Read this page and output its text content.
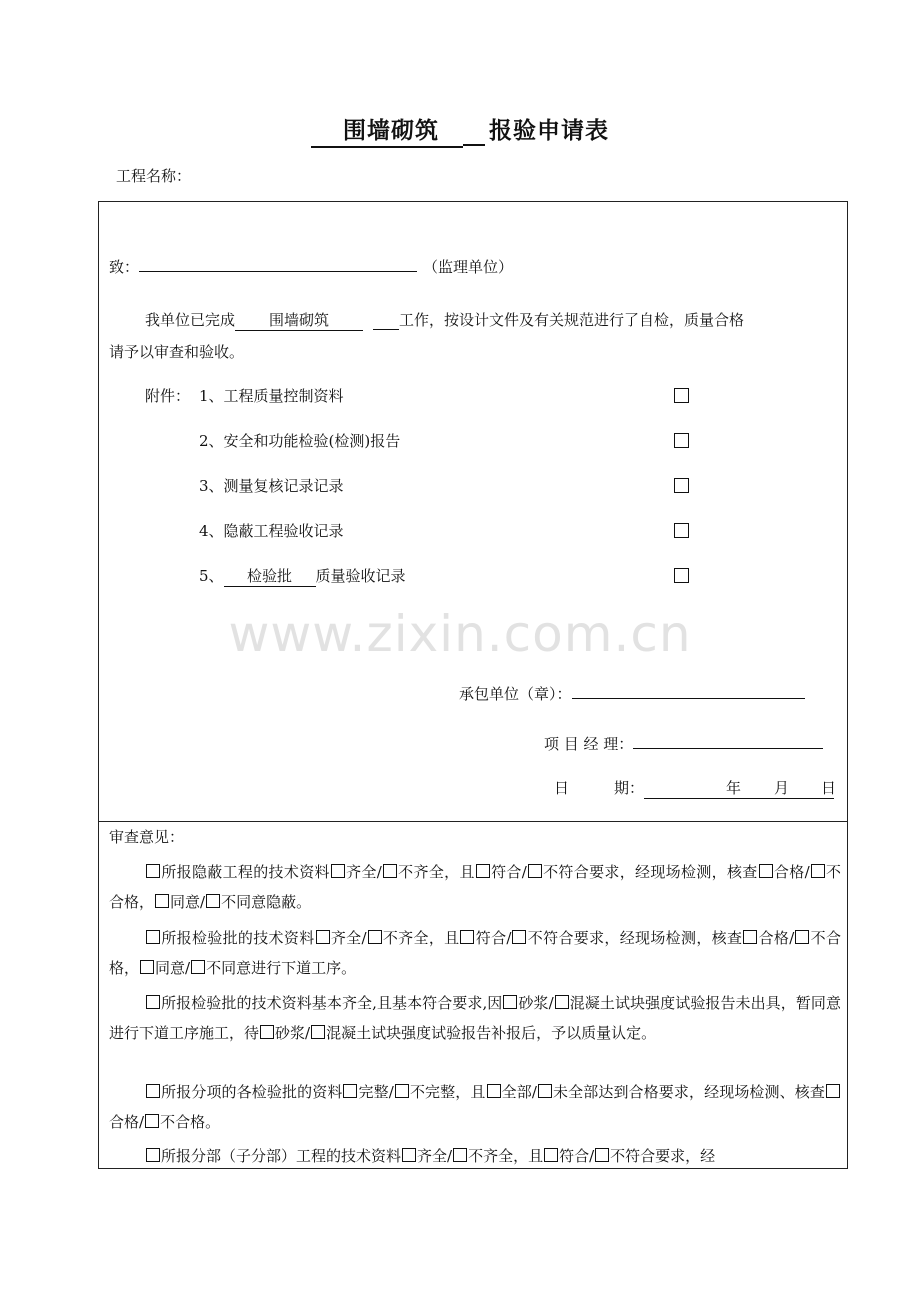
围墙砌筑 报验申请表
工程名称：
致：	（监理单位）
我单位已完成 围墙砌筑	工作，按设计文件及有关规范进行了自检，质量合格
请予以审查和验收。
附件： 1、工程质量控制资料
2、安全和功能检验(检测)报告
3、测量复核记录记录
4、隐蔽工程验收记录
5、 检验批 质量验收记录
www.zixin.com.cn
承包单位（章）：
项 目 经 理：
日　　　期：	年 月 日
审查意见：
所报隐蔽工程的技术资料 齐全/ 不齐全，且 符合/ 不符合要求，经现场检测，核查 合格/ 不合格， 同意/ 不同意隐蔽。
所报检验批的技术资料 齐全/ 不齐全，且 符合/ 不符合要求，经现场检测，核查 合格/ 不合格， 同意/ 不同意进行下道工序。
所报检验批的技术资料基本齐全,且基本符合要求,因 砂浆/ 混凝土试块强度试验报告未出具，暂同意进行下道工序施工，待 砂浆/ 混凝土试块强度试验报告补报后，予以质量认定。
所报分项的各检验批的资料 完整/ 不完整，且 全部/ 未全部达到合格要求，经现场检测、核查合格/ 不合格。
所报分部（子分部）工程的技术资料 齐全/ 不齐全，且 符合/ 不符合要求，经
